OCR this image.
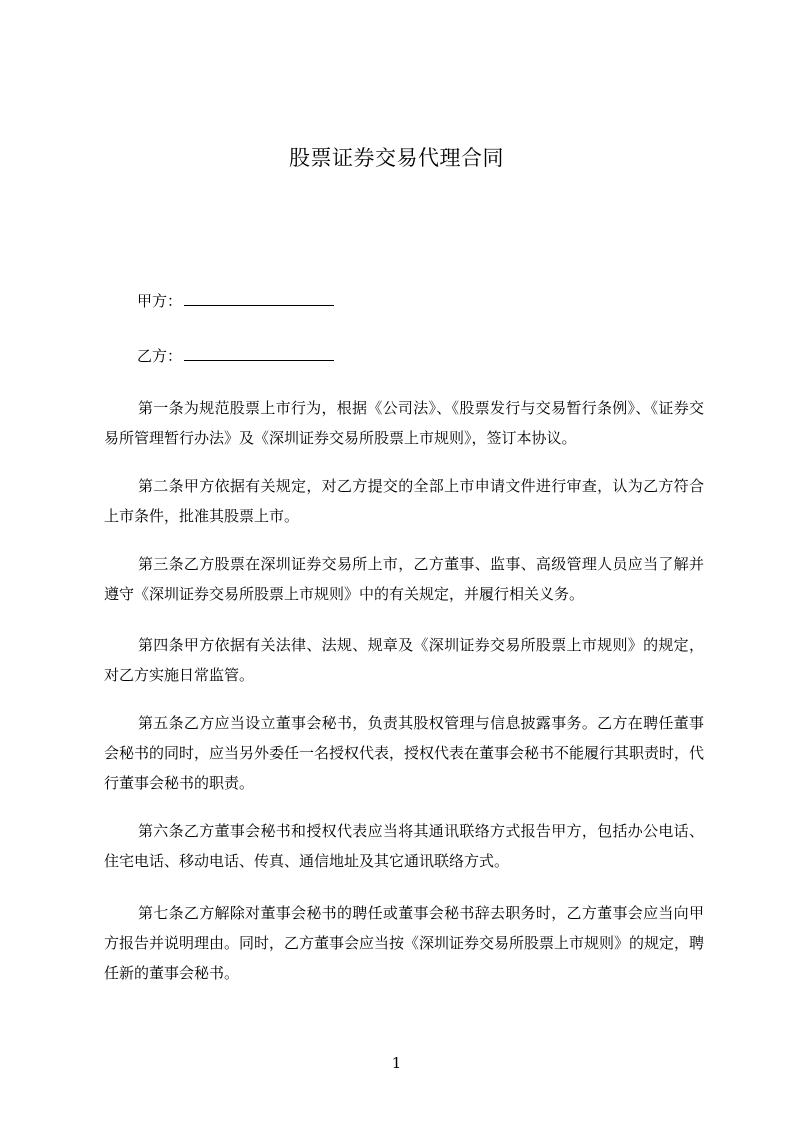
股票证券交易代理合同
甲方：
乙方：

第一条为规范股票上市行为，根据《公司法》、《股票发行与交易暂行条例》、《证券交易所管理暂行办法》及《深圳证券交易所股票上市规则》，签订本协议。

第二条甲方依据有关规定，对乙方提交的全部上市申请文件进行审查，认为乙方符合上市条件，批准其股票上市。

第三条乙方股票在深圳证券交易所上市，乙方董事、监事、高级管理人员应当了解并遵守《深圳证券交易所股票上市规则》中的有关规定，并履行相关义务。

第四条甲方依据有关法律、法规、规章及《深圳证券交易所股票上市规则》的规定，对乙方实施日常监管。

第五条乙方应当设立董事会秘书，负责其股权管理与信息披露事务。乙方在聘任董事会秘书的同时，应当另外委任一名授权代表，授权代表在董事会秘书不能履行其职责时，代行董事会秘书的职责。

第六条乙方董事会秘书和授权代表应当将其通讯联络方式报告甲方，包括办公电话、住宅电话、移动电话、传真、通信地址及其它通讯联络方式。

第七条乙方解除对董事会秘书的聘任或董事会秘书辞去职务时，乙方董事会应当向甲方报告并说明理由。同时，乙方董事会应当按《深圳证券交易所股票上市规则》的规定，聘任新的董事会秘书。

1
